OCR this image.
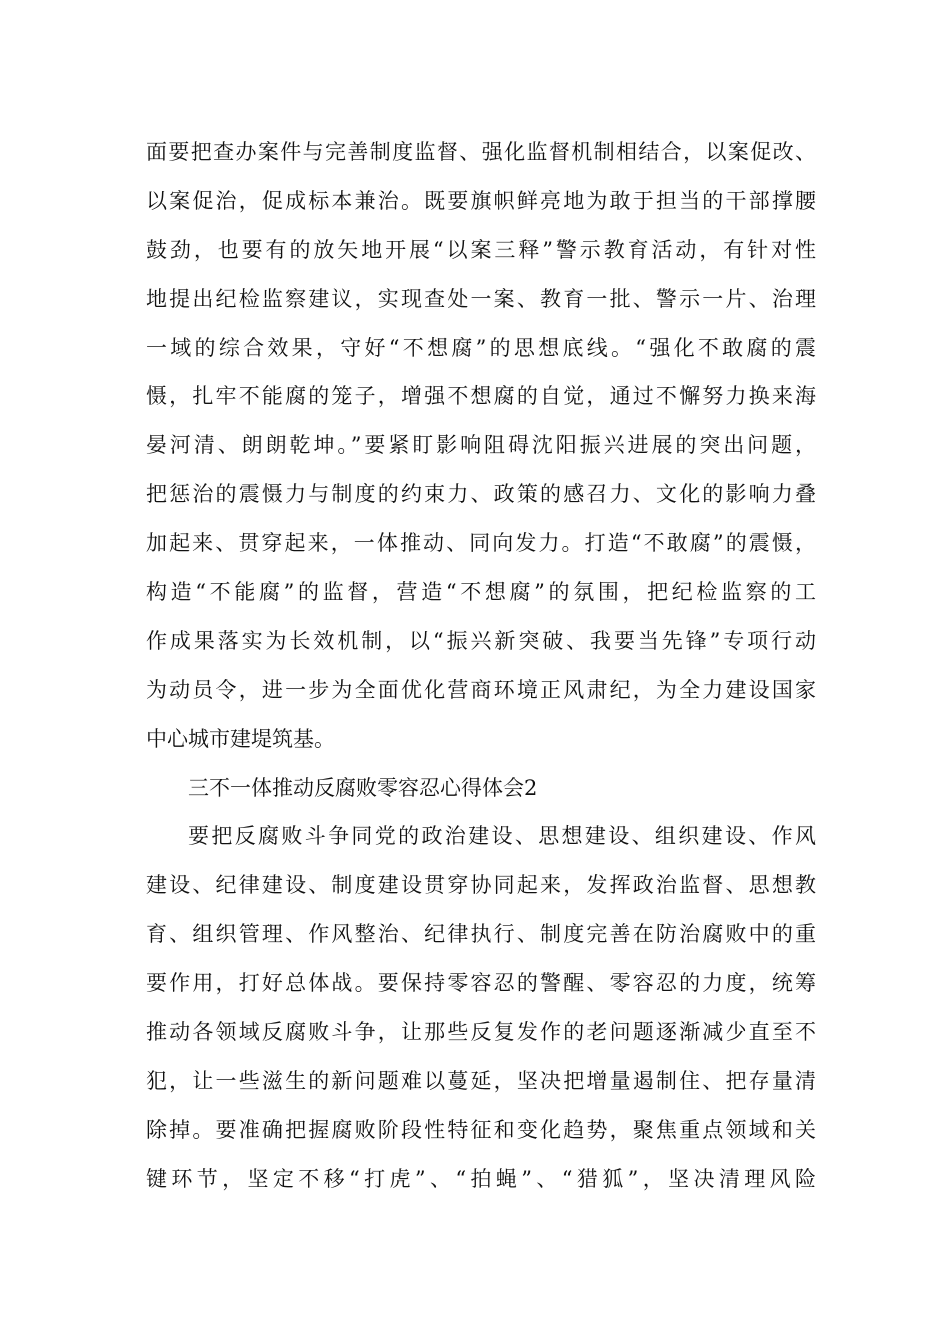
面要把查办案件与完善制度监督、强化监督机制相结合，以案促改、
以案促治，促成标本兼治。既要旗帜鲜亮地为敢于担当的干部撑腰
鼓劲，也要有的放矢地开展“以案三释”警示教育活动，有针对性
地提出纪检监察建议，实现查处一案、教育一批、警示一片、治理
一域的综合效果，守好“不想腐”的思想底线。“强化不敢腐的震
慑，扎牢不能腐的笼子，增强不想腐的自觉，通过不懈努力换来海
晏河清、朗朗乾坤。”要紧盯影响阻碍沈阳振兴进展的突出问题，
把惩治的震慑力与制度的约束力、政策的感召力、文化的影响力叠
加起来、贯穿起来，一体推动、同向发力。打造“不敢腐”的震慑，
构造“不能腐”的监督，营造“不想腐”的氛围，把纪检监察的工
作成果落实为长效机制，以“振兴新突破、我要当先锋”专项行动
为动员令，进一步为全面优化营商环境正风肃纪，为全力建设国家
中心城市建堤筑基。
三不一体推动反腐败零容忍心得体会2
要把反腐败斗争同党的政治建设、思想建设、组织建设、作风
建设、纪律建设、制度建设贯穿协同起来，发挥政治监督、思想教
育、组织管理、作风整治、纪律执行、制度完善在防治腐败中的重
要作用，打好总体战。要保持零容忍的警醒、零容忍的力度，统筹
推动各领域反腐败斗争，让那些反复发作的老问题逐渐减少直至不
犯，让一些滋生的新问题难以蔓延，坚决把增量遏制住、把存量清
除掉。要准确把握腐败阶段性特征和变化趋势，聚焦重点领域和关
键环节，坚定不移“打虎”、“拍蝇”、“猎狐”，坚决清理风险
